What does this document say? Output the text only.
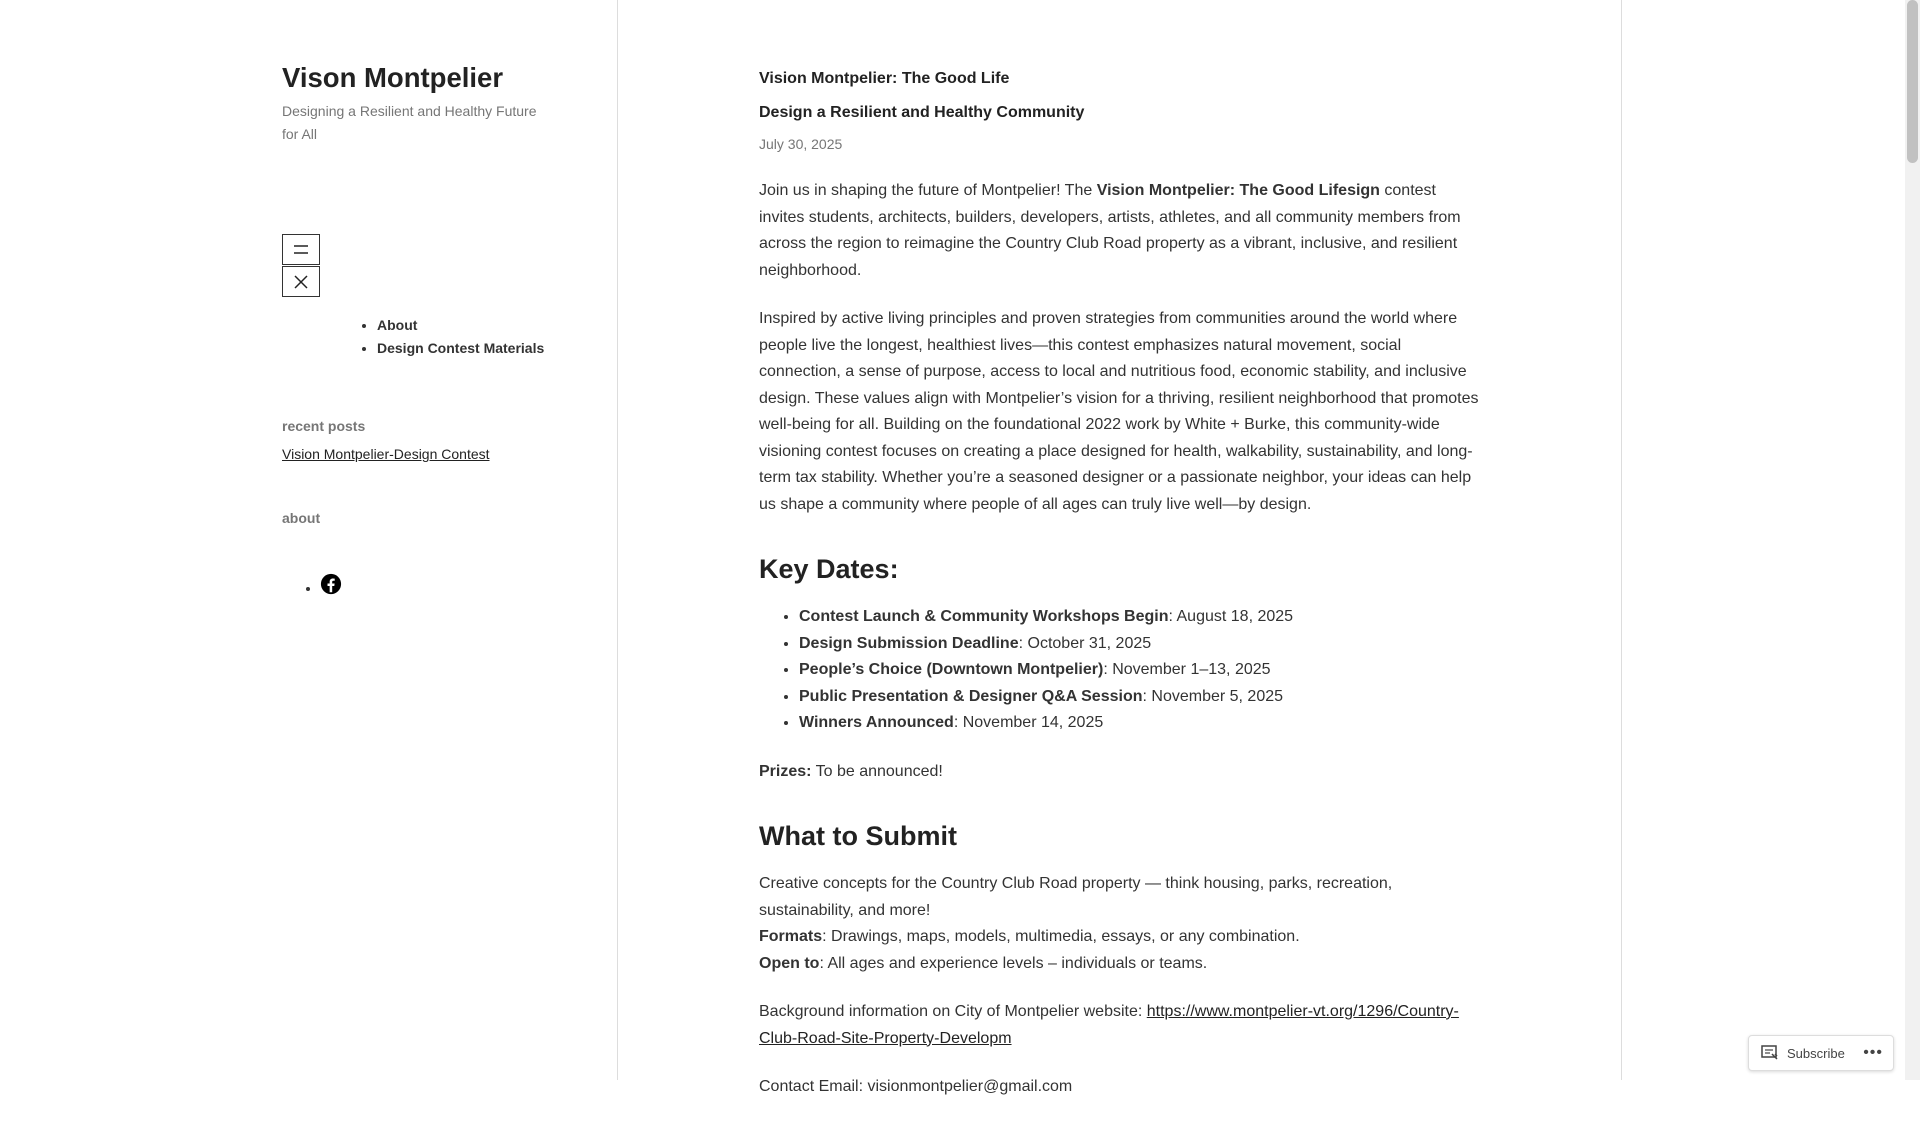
Vison Montpelier

Designing a Resilient and Healthy Future for All

• About
• Design Contest Materials
recent posts
Vision Montpelier-Design Contest
about
•
Vision Montpelier: The Good Life
Design a Resilient and Healthy Community
July 30, 2025

Join us in shaping the future of Montpelier! The Vision Montpelier: The Good Lifesign contest invites students, architects, builders, developers, artists, athletes, and all community members from across the region to reimagine the Country Club Road property as a vibrant, inclusive, and resilient neighborhood.

Inspired by active living principles and proven strategies from communities around the world where people live the longest, healthiest lives—this contest emphasizes natural movement, social connection, a sense of purpose, access to local and nutritious food, economic stability, and inclusive design. These values align with Montpelier’s vision for a thriving, resilient neighborhood that promotes well-being for all. Building on the foundational 2022 work by White + Burke, this community-wide visioning contest focuses on creating a place designed for health, walkability, sustainability, and long-term tax stability. Whether you’re a seasoned designer or a passionate neighbor, your ideas can help us shape a community where people of all ages can truly live well—by design.

Key Dates:
• Contest Launch & Community Workshops Begin: August 18, 2025
• Design Submission Deadline: October 31, 2025
• People’s Choice (Downtown Montpelier): November 1–13, 2025
• Public Presentation & Designer Q&A Session: November 5, 2025
• Winners Announced: November 14, 2025

Prizes: To be announced!

What to Submit

Creative concepts for the Country Club Road property — think housing, parks, recreation, sustainability, and more!
Formats: Drawings, maps, models, multimedia, essays, or any combination.
Open to: All ages and experience levels – individuals or teams.

Background information on City of Montpelier website: https://www.montpelier-vt.org/1296/Country-Club-Road-Site-Property-Developm

Contact Email: visionmontpelier@gmail.com

Subscribe •••
